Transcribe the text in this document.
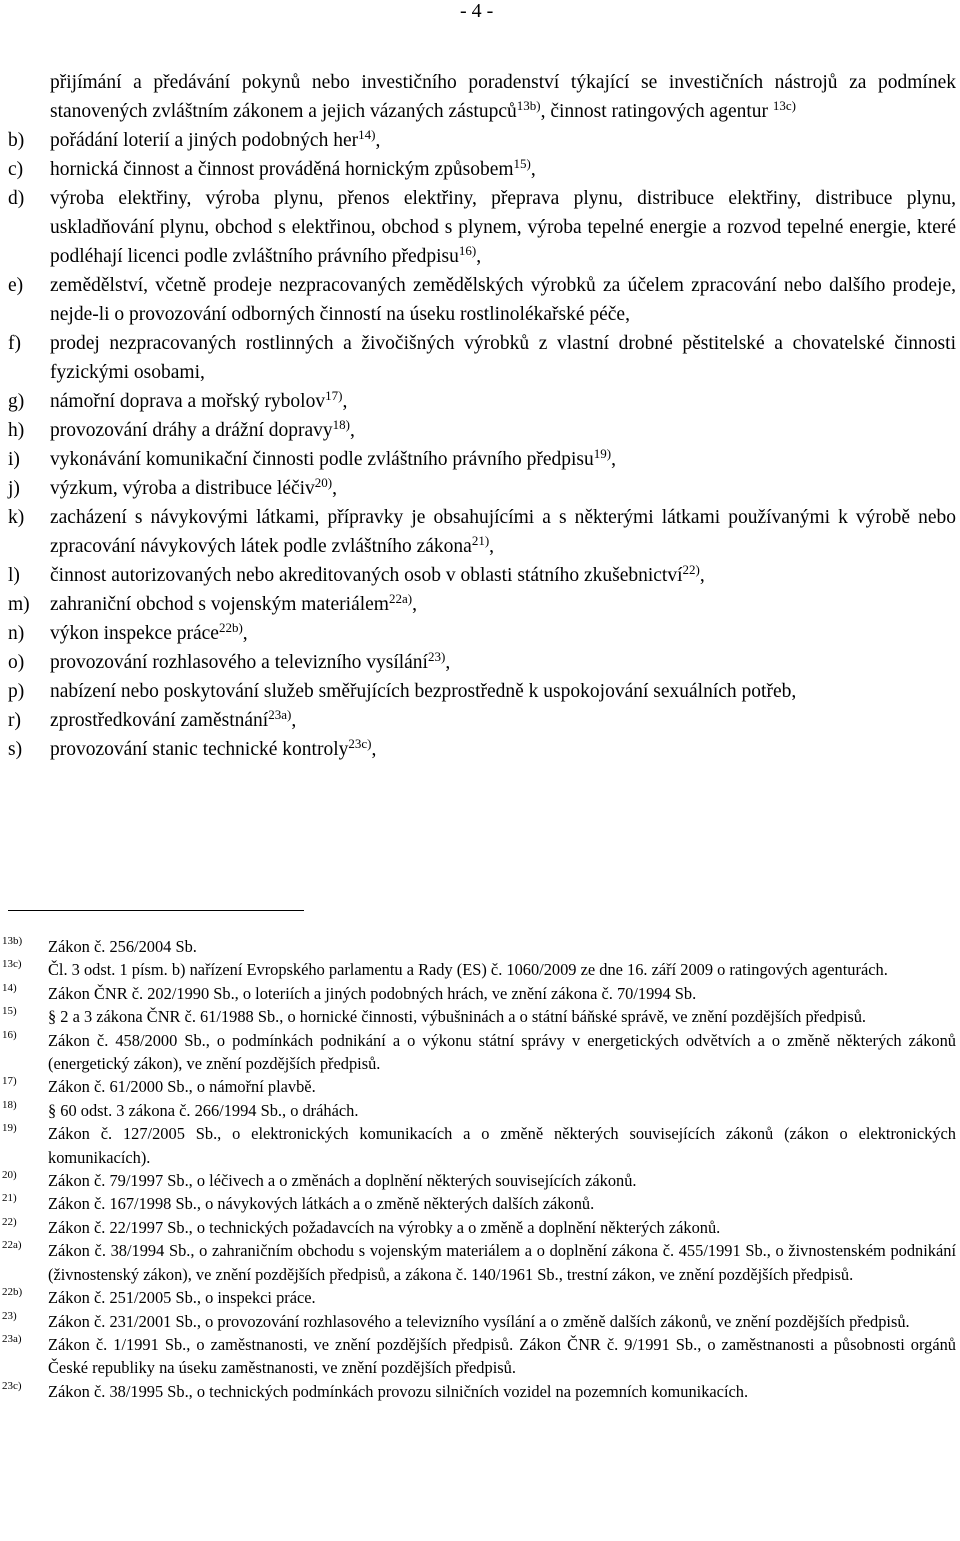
- 4 -
přijímání a předávání pokynů nebo investičního poradenství týkající se investičních nástrojů za podmínek stanovených zvláštním zákonem a jejich vázaných zástupců$^{13b)}$, činnost ratingových agentur $^{13c)}$
b)	pořádání loterií a jiných podobných her$^{14)}$,
c)	hornická činnost a činnost prováděná hornickým způsobem$^{15)}$,
d)	výroba elektřiny, výroba plynu, přenos elektřiny, přeprava plynu, distribuce elektřiny, distribuce plynu, uskladňování plynu, obchod s elektřinou, obchod s plynem, výroba tepelné energie a rozvod tepelné energie, které podléhají licenci podle zvláštního právního předpisu$^{16)}$,
e)	zemědělství, včetně prodeje nezpracovaných zemědělských výrobků za účelem zpracování nebo dalšího prodeje, nejde-li o provozování odborných činností na úseku rostlinolékařské péče,
f)	prodej nezpracovaných rostlinných a živočišných výrobků z vlastní drobné pěstitelské a chovatelské činnosti fyzickými osobami,
g)	námořní doprava a mořský rybolov$^{17)}$,
h)	provozování dráhy a drážní dopravy$^{18)}$,
i)	vykonávání komunikační činnosti podle zvláštního právního předpisu$^{19)}$,
j)	výzkum, výroba a distribuce léčiv$^{20)}$,
k)	zacházení s návykovými látkami, přípravky je obsahujícími a s některými látkami používanými k výrobě nebo zpracování návykových látek podle zvláštního zákona$^{21)}$,
l)	činnost autorizovaných nebo akreditovaných osob v oblasti státního zkušebnictví$^{22)}$,
m)	zahraniční obchod s vojenským materiálem$^{22a)}$,
n)	výkon inspekce práce$^{22b)}$,
o)	provozování rozhlasového a televizního vysílání$^{23)}$,
p)	nabízení nebo poskytování služeb směřujících bezprostředně k uspokojování sexuálních potřeb,
r)	zprostředkování zaměstnání$^{23a)}$,
s)	provozování stanic technické kontroly$^{23c)}$,
13b)	Zákon č. 256/2004 Sb.
13c)	Čl. 3 odst. 1 písm. b) nařízení Evropského parlamentu a Rady (ES) č. 1060/2009 ze dne 16. září 2009 o ratingových agenturách.
14)	Zákon ČNR č. 202/1990 Sb., o loteriích a jiných podobných hrách, ve znění zákona č. 70/1994 Sb.
15)	§ 2 a 3 zákona ČNR č. 61/1988 Sb., o hornické činnosti, výbušninách a o státní báňské správě, ve znění pozdějších předpisů.
16)	Zákon č. 458/2000 Sb., o podmínkách podnikání a o výkonu státní správy v energetických odvětvích a o změně některých zákonů (energetický zákon), ve znění pozdějších předpisů.
17)	Zákon č. 61/2000 Sb., o námořní plavbě.
18)	§ 60 odst. 3 zákona č. 266/1994 Sb., o dráhách.
19)	Zákon č. 127/2005 Sb., o elektronických komunikacích a o změně některých souvisejících zákonů (zákon o elektronických komunikacích).
20)	Zákon č. 79/1997 Sb., o léčivech a o změnách a doplnění některých souvisejících zákonů.
21)	Zákon č. 167/1998 Sb., o návykových látkách a o změně některých dalších zákonů.
22)	Zákon č. 22/1997 Sb., o technických požadavcích na výrobky a o změně a doplnění některých zákonů.
22a)	Zákon č. 38/1994 Sb., o zahraničním obchodu s vojenským materiálem a o doplnění zákona č. 455/1991 Sb., o živnostenském podnikání (živnostenský zákon), ve znění pozdějších předpisů, a zákona č. 140/1961 Sb., trestní zákon, ve znění pozdějších předpisů.
22b)	Zákon č. 251/2005 Sb., o inspekci práce.
23)	Zákon č. 231/2001 Sb., o provozování rozhlasového a televizního vysílání a o změně dalších zákonů, ve znění pozdějších předpisů.
23a)	Zákon č. 1/1991 Sb., o zaměstnanosti, ve znění pozdějších předpisů. Zákon ČNR č. 9/1991 Sb., o zaměstnanosti a působnosti orgánů České republiky na úseku zaměstnanosti, ve znění pozdějších předpisů.
23c)	Zákon č. 38/1995 Sb., o technických podmínkách provozu silničních vozidel na pozemních komunikacích.
